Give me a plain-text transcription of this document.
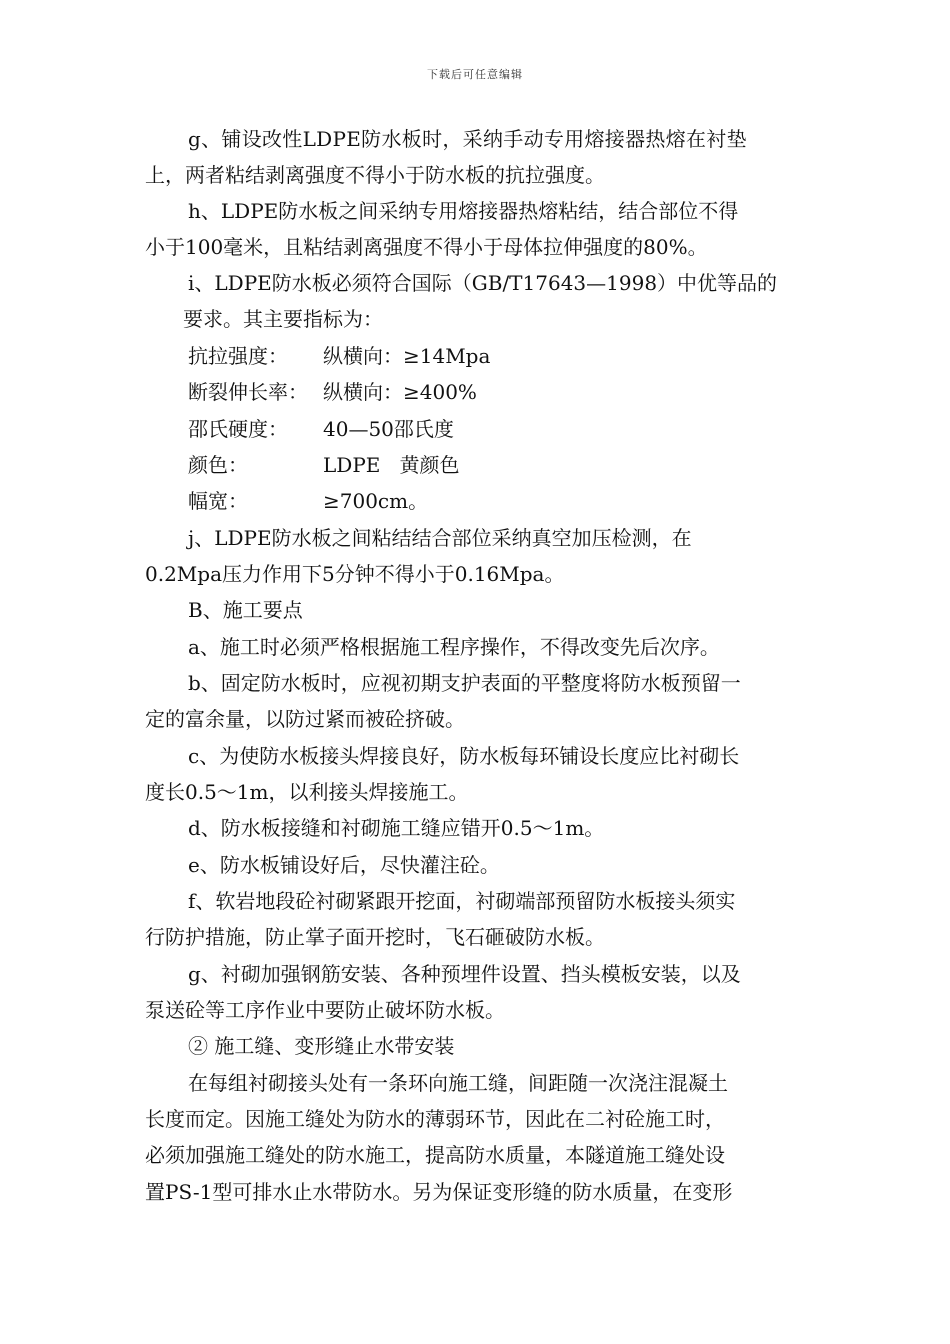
下载后可任意编辑
g、铺设改性LDPE防水板时，采纳手动专用熔接器热熔在衬垫
上，两者粘结剥离强度不得小于防水板的抗拉强度。
h、LDPE防水板之间采纳专用熔接器热熔粘结，结合部位不得
小于100毫米，且粘结剥离强度不得小于母体拉伸强度的80%。
i、LDPE防水板必须符合国际（GB/T17643—1998）中优等品的
要求。其主要指标为：
抗拉强度： 纵横向：≥14Mpa
断裂伸长率： 纵横向：≥400%
邵氏硬度： 40—50邵氏度
颜色：	LDPE   黄颜色
幅宽：	≥700cm。
j、LDPE防水板之间粘结结合部位采纳真空加压检测，在
0.2Mpa压力作用下5分钟不得小于0.16Mpa。
B、施工要点
a、施工时必须严格根据施工程序操作，不得改变先后次序。
b、固定防水板时，应视初期支护表面的平整度将防水板预留一
定的富余量，以防过紧而被砼挤破。
c、为使防水板接头焊接良好，防水板每环铺设长度应比衬砌长
度长0.5～1m，以利接头焊接施工。
d、防水板接缝和衬砌施工缝应错开0.5～1m。
e、防水板铺设好后，尽快灌注砼。
f、软岩地段砼衬砌紧跟开挖面，衬砌端部预留防水板接头须实
行防护措施，防止掌子面开挖时，飞石砸破防水板。
g、衬砌加强钢筋安装、各种预埋件设置、挡头模板安装，以及
泵送砼等工序作业中要防止破坏防水板。
② 施工缝、变形缝止水带安装
在每组衬砌接头处有一条环向施工缝，间距随一次浇注混凝土
长度而定。因施工缝处为防水的薄弱环节，因此在二衬砼施工时，
必须加强施工缝处的防水施工，提高防水质量，本隧道施工缝处设
置PS-1型可排水止水带防水。另为保证变形缝的防水质量，在变形
